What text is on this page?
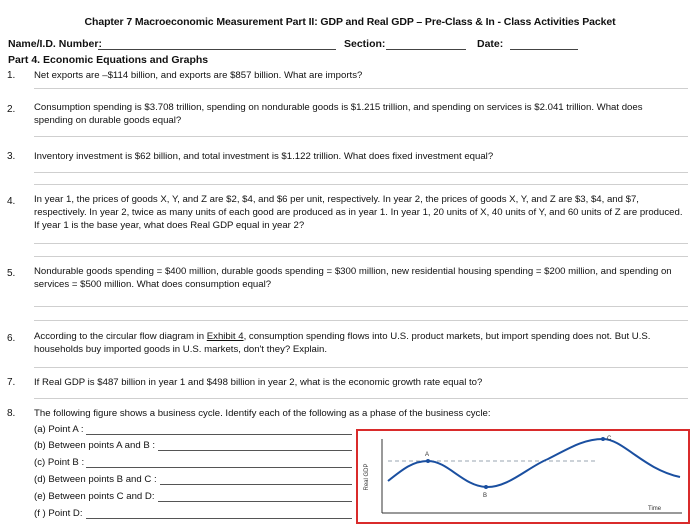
Chapter 7 Macroeconomic Measurement Part II: GDP and Real GDP – Pre-Class & In - Class Activities Packet
Name/I.D. Number:	Section:	Date:
Part 4. Economic Equations and Graphs
1. Net exports are –$114 billion, and exports are $857 billion. What are imports?
2. Consumption spending is $3.708 trillion, spending on nondurable goods is $1.215 trillion, and spending on services is $2.041 trillion. What does spending on durable goods equal?
3. Inventory investment is $62 billion, and total investment is $1.122 trillion. What does fixed investment equal?
4. In year 1, the prices of goods X, Y, and Z are $2, $4, and $6 per unit, respectively. In year 2, the prices of goods X, Y, and Z are $3, $4, and $7, respectively. In year 2, twice as many units of each good are produced as in year 1. In year 1, 20 units of X, 40 units of Y, and 60 units of Z are produced. If year 1 is the base year, what does Real GDP equal in year 2?
5. Nondurable goods spending = $400 million, durable goods spending = $300 million, new residential housing spending = $200 million, and spending on services = $500 million. What does consumption equal?
6. According to the circular flow diagram in Exhibit 4, consumption spending flows into U.S. product markets, but import spending does not. But U.S. households buy imported goods in U.S. markets, don't they? Explain.
7. If Real GDP is $487 billion in year 1 and $498 billion in year 2, what is the economic growth rate equal to?
8. The following figure shows a business cycle. Identify each of the following as a phase of the business cycle:
(a) Point A :
(b) Between points A and B :
(c) Point B :
(d) Between points B and C :
(e) Between points C and D:
(f ) Point D:
Real GDP
Time
A
B
C
